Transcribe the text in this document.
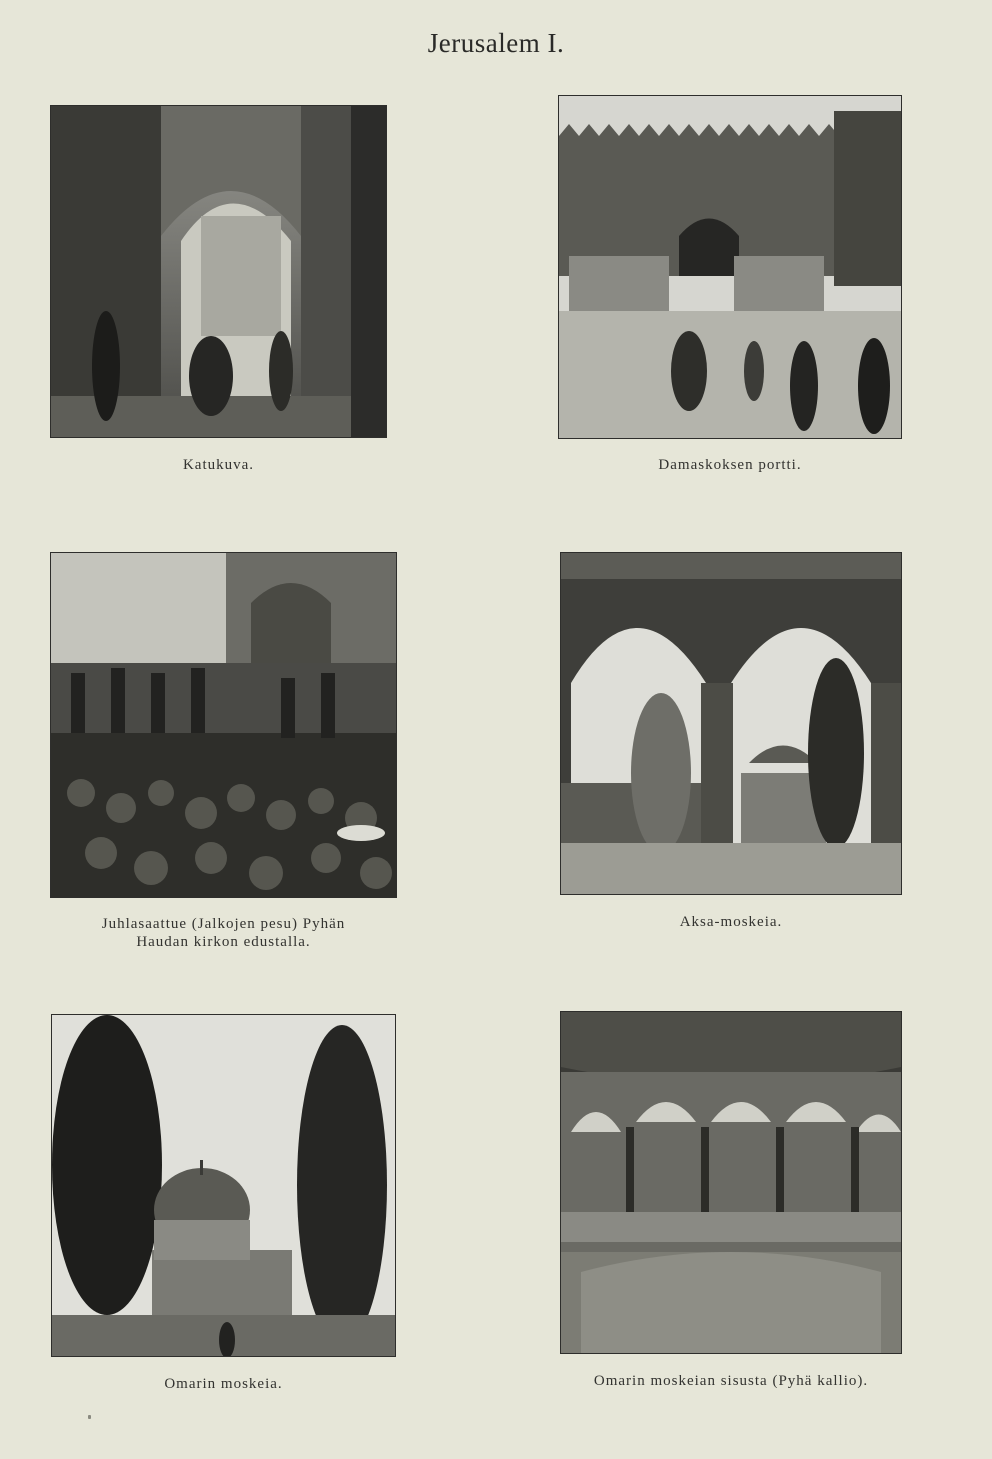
Jerusalem I.
Katukuva.	Damaskoksen portti.
Juhlasaattue (Jalkojen pesu) Pyhän
Haudan kirkon edustalla.
Aksa-moskeia.
Omarin moskeia.	Omarin moskeian sisusta (Pyhä kallio).
